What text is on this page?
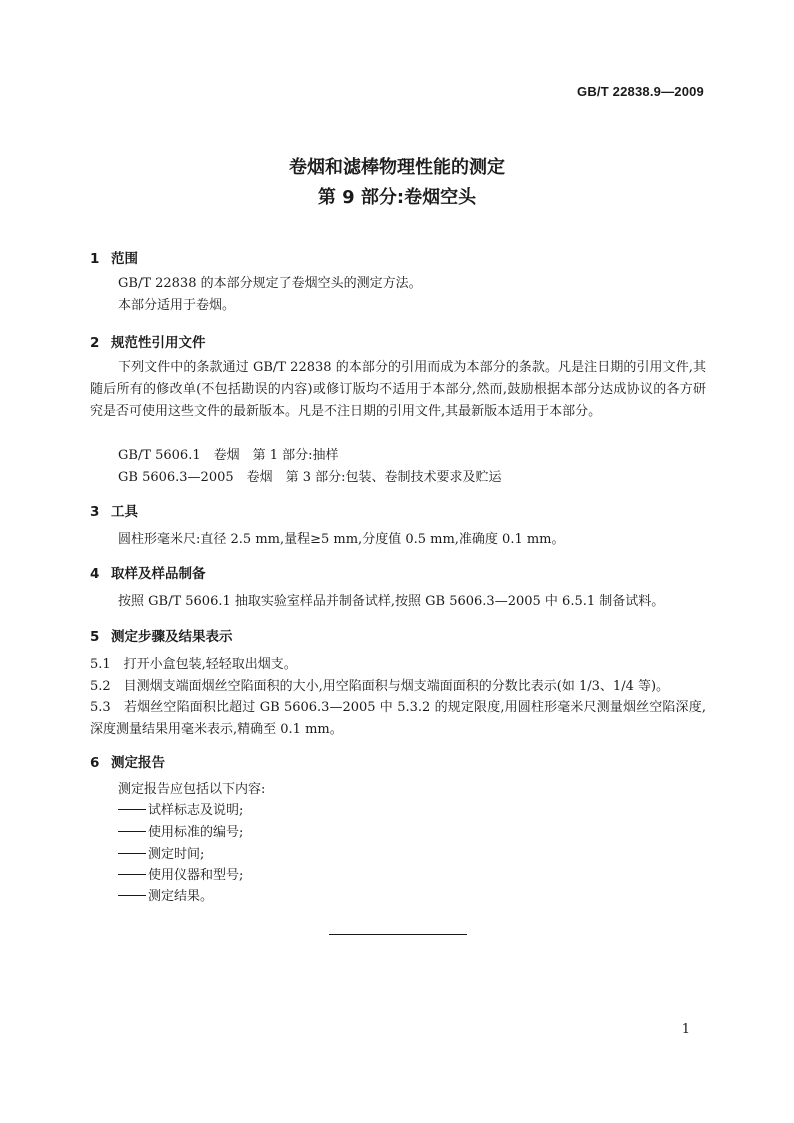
GB/T 22838.9—2009
卷烟和滤棒物理性能的测定
第 9 部分:卷烟空头
1 范围
GB/T 22838 的本部分规定了卷烟空头的测定方法。
本部分适用于卷烟。
2 规范性引用文件
下列文件中的条款通过 GB/T 22838 的本部分的引用而成为本部分的条款。凡是注日期的引用文件,其随后所有的修改单(不包括勘误的内容)或修订版均不适用于本部分,然而,鼓励根据本部分达成协议的各方研究是否可使用这些文件的最新版本。凡是不注日期的引用文件,其最新版本适用于本部分。
GB/T 5606.1　卷烟　第 1 部分:抽样
GB 5606.3—2005　卷烟　第 3 部分:包装、卷制技术要求及贮运
3 工具
圆柱形毫米尺:直径 2.5 mm,量程≥5 mm,分度值 0.5 mm,准确度 0.1 mm。
4 取样及样品制备
按照 GB/T 5606.1 抽取实验室样品并制备试样,按照 GB 5606.3—2005 中 6.5.1 制备试料。
5 测定步骤及结果表示
5.1　打开小盒包装,轻轻取出烟支。
5.2　目测烟支端面烟丝空陷面积的大小,用空陷面积与烟支端面面积的分数比表示(如 1/3、1/4 等)。
5.3　若烟丝空陷面积比超过 GB 5606.3—2005 中 5.3.2 的规定限度,用圆柱形毫米尺测量烟丝空陷深度,深度测量结果用毫米表示,精确至 0.1 mm。
6 测定报告
测定报告应包括以下内容:
试样标志及说明;
使用标准的编号;
测定时间;
使用仪器和型号;
测定结果。
1
